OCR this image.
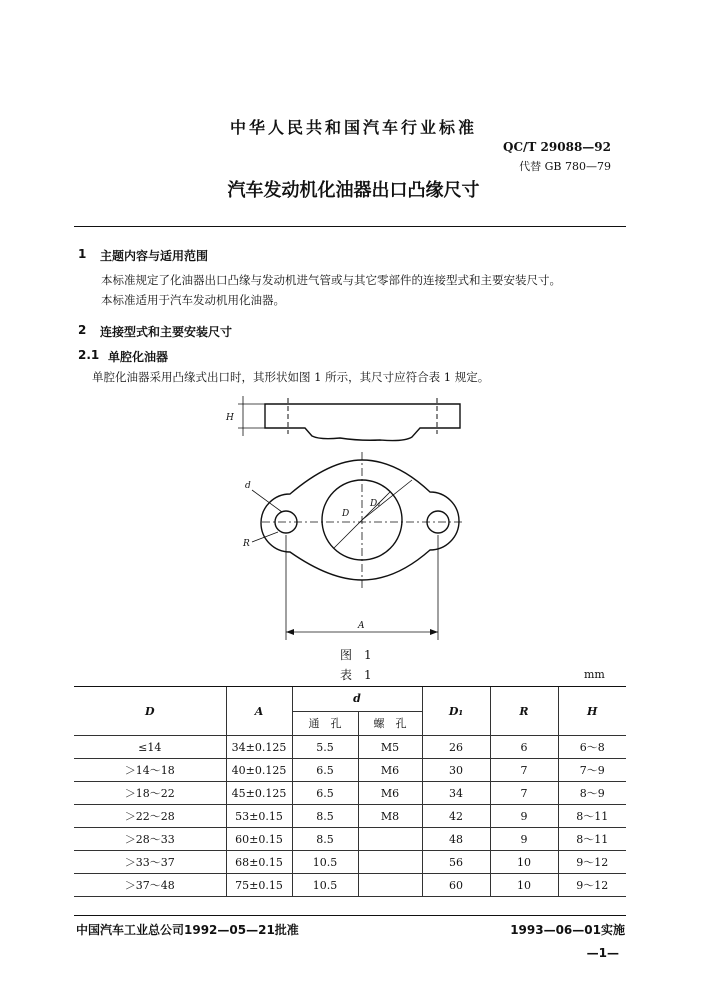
中华人民共和国汽车行业标准
QC/T 29088—92
代替 GB 780—79
汽车发动机化油器出口凸缘尺寸
1 主题内容与适用范围
本标准规定了化油器出口凸缘与发动机进气管或与其它零部件的连接型式和主要安装尺寸。
本标准适用于汽车发动机用化油器。
2 连接型式和主要安装尺寸
2.1 单腔化油器
单腔化油器采用凸缘式出口时，其形状如图 1 所示，其尺寸应符合表 1 规定。
H
d
R
D
D₁
A
图　1
表　1	mm
D	A	d		D₁	R	H
		通　孔	螺　孔			
≤14	34±0.125	5.5	M5	26	6	6～8
＞14～18	40±0.125	6.5	M6	30	7	7～9
＞18～22	45±0.125	6.5	M6	34	7	8～9
＞22～28	53±0.15	8.5	M8	42	9	8～11
＞28～33	60±0.15	8.5		48	9	8～11
＞33～37	68±0.15	10.5		56	10	9～12
＞37～48	75±0.15	10.5		60	10	9～12
中国汽车工业总公司1992—05—21批准	1993—06—01实施
—1—
